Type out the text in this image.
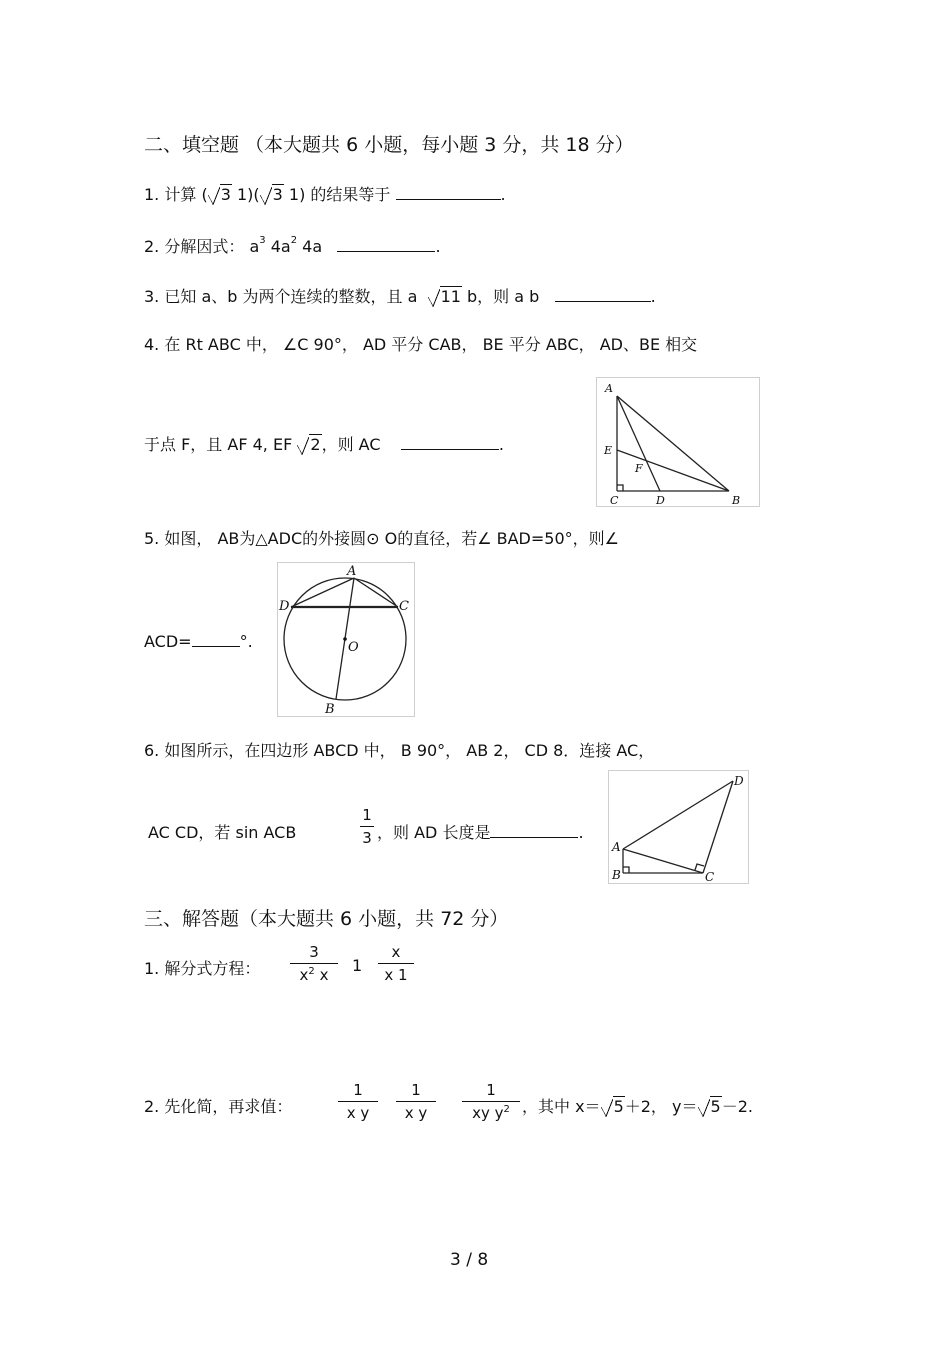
二、填空题 （本大题共 6 小题，每小题 3 分，共 18 分）
1. 计算 ( 3 1)( 3 1) 的结果等于	.
2. 分解因式： $a^3$ $4a^2$ 4a	.
3. 已知 a、b 为两个连续的整数，且 a 11 b，则 a b	.
4. 在 Rt ABC 中， ∠C 90°， AD 平分 CAB， BE 平分 ABC， AD、BE 相交
于点 F，且 AF 4, EF 2，则 AC	.
A
E
F
C	D	B
5. 如图， AB为△ADC的外接圆⊙ O的直径，若∠ BAD=50°，则∠
ACD=	°.
A
D	C
O
B
6. 如图所示，在四边形 ABCD 中， B 90°， AB 2， CD 8．连接 AC，
AC CD，若 sin ACB
1
3 ，则 AD 长度是	.
D
A
B	C
三、解答题（本大题共 6 小题，共 72 分）
1. 解分式方程：
3
$x^2$ x	1
x
x 1
2. 先化简，再求值：
1
x y
1
x y
1
xy $y^2$ ，其中 x＝ 5＋2， y＝ 5－2.
3 / 8
